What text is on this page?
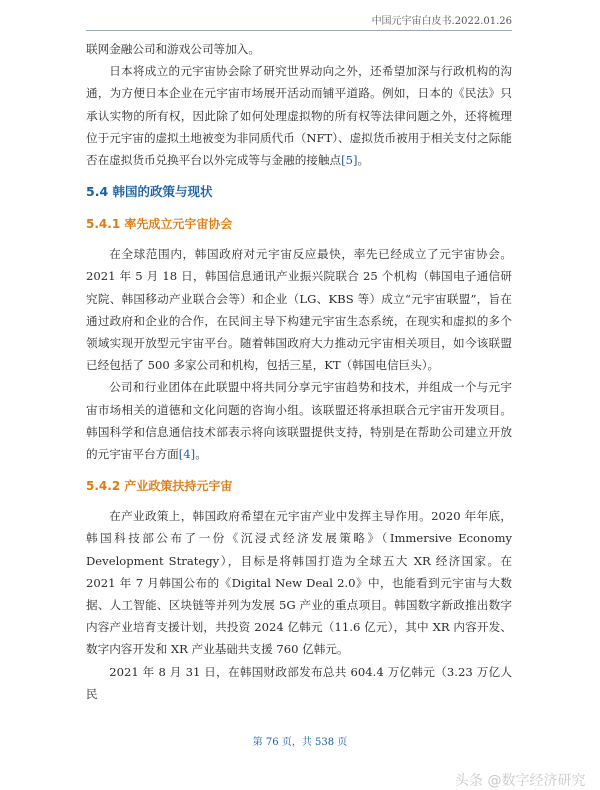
中国元宇宙白皮书.2022.01.26

联网金融公司和游戏公司等加入。

日本将成立的元宇宙协会除了研究世界动向之外，还希望加深与行政机构的沟通，为方便日本企业在元宇宙市场展开活动而铺平道路。例如，日本的《民法》只承认实物的所有权，因此除了如何处理虚拟物的所有权等法律问题之外，还将梳理位于元宇宙的虚拟土地被变为非同质代币（NFT）、虚拟货币被用于相关支付之际能否在虚拟货币兑换平台以外完成等与金融的接触点[5]。

5.4 韩国的政策与现状
5.4.1 率先成立元宇宙协会

在全球范围内，韩国政府对元宇宙反应最快，率先已经成立了元宇宙协会。2021 年 5 月 18 日，韩国信息通讯产业振兴院联合 25 个机构（韩国电子通信研究院、韩国移动产业联合会等）和企业（LG、KBS 等）成立“元宇宙联盟”，旨在通过政府和企业的合作，在民间主导下构建元宇宙生态系统，在现实和虚拟的多个领域实现开放型元宇宙平台。随着韩国政府大力推动元宇宙相关项目，如今该联盟已经包括了 500 多家公司和机构，包括三星，KT（韩国电信巨头）。

公司和行业团体在此联盟中将共同分享元宇宙趋势和技术，并组成一个与元宇宙市场相关的道德和文化问题的咨询小组。该联盟还将承担联合元宇宙开发项目。韩国科学和信息通信技术部表示将向该联盟提供支持，特别是在帮助公司建立开放的元宇宙平台方面[4]。

5.4.2 产业政策扶持元宇宙

在产业政策上，韩国政府希望在元宇宙产业中发挥主导作用。2020 年年底，韩国科技部公布了一份《沉浸式经济发展策略》（Immersive Economy Development Strategy），目标是将韩国打造为全球五大 XR 经济国家。在 2021 年 7 月韩国公布的《Digital New Deal 2.0》中，也能看到元宇宙与大数据、人工智能、区块链等并列为发展 5G 产业的重点项目。韩国数字新政推出数字内容产业培育支援计划，共投资 2024 亿韩元（11.6 亿元），其中 XR 内容开发、数字内容开发和 XR 产业基础共支援 760 亿韩元。

2021 年 8 月 31 日，在韩国财政部发布总共 604.4 万亿韩元（3.23 万亿人民

第 76 页，共 538 页
头条 @数字经济研究
